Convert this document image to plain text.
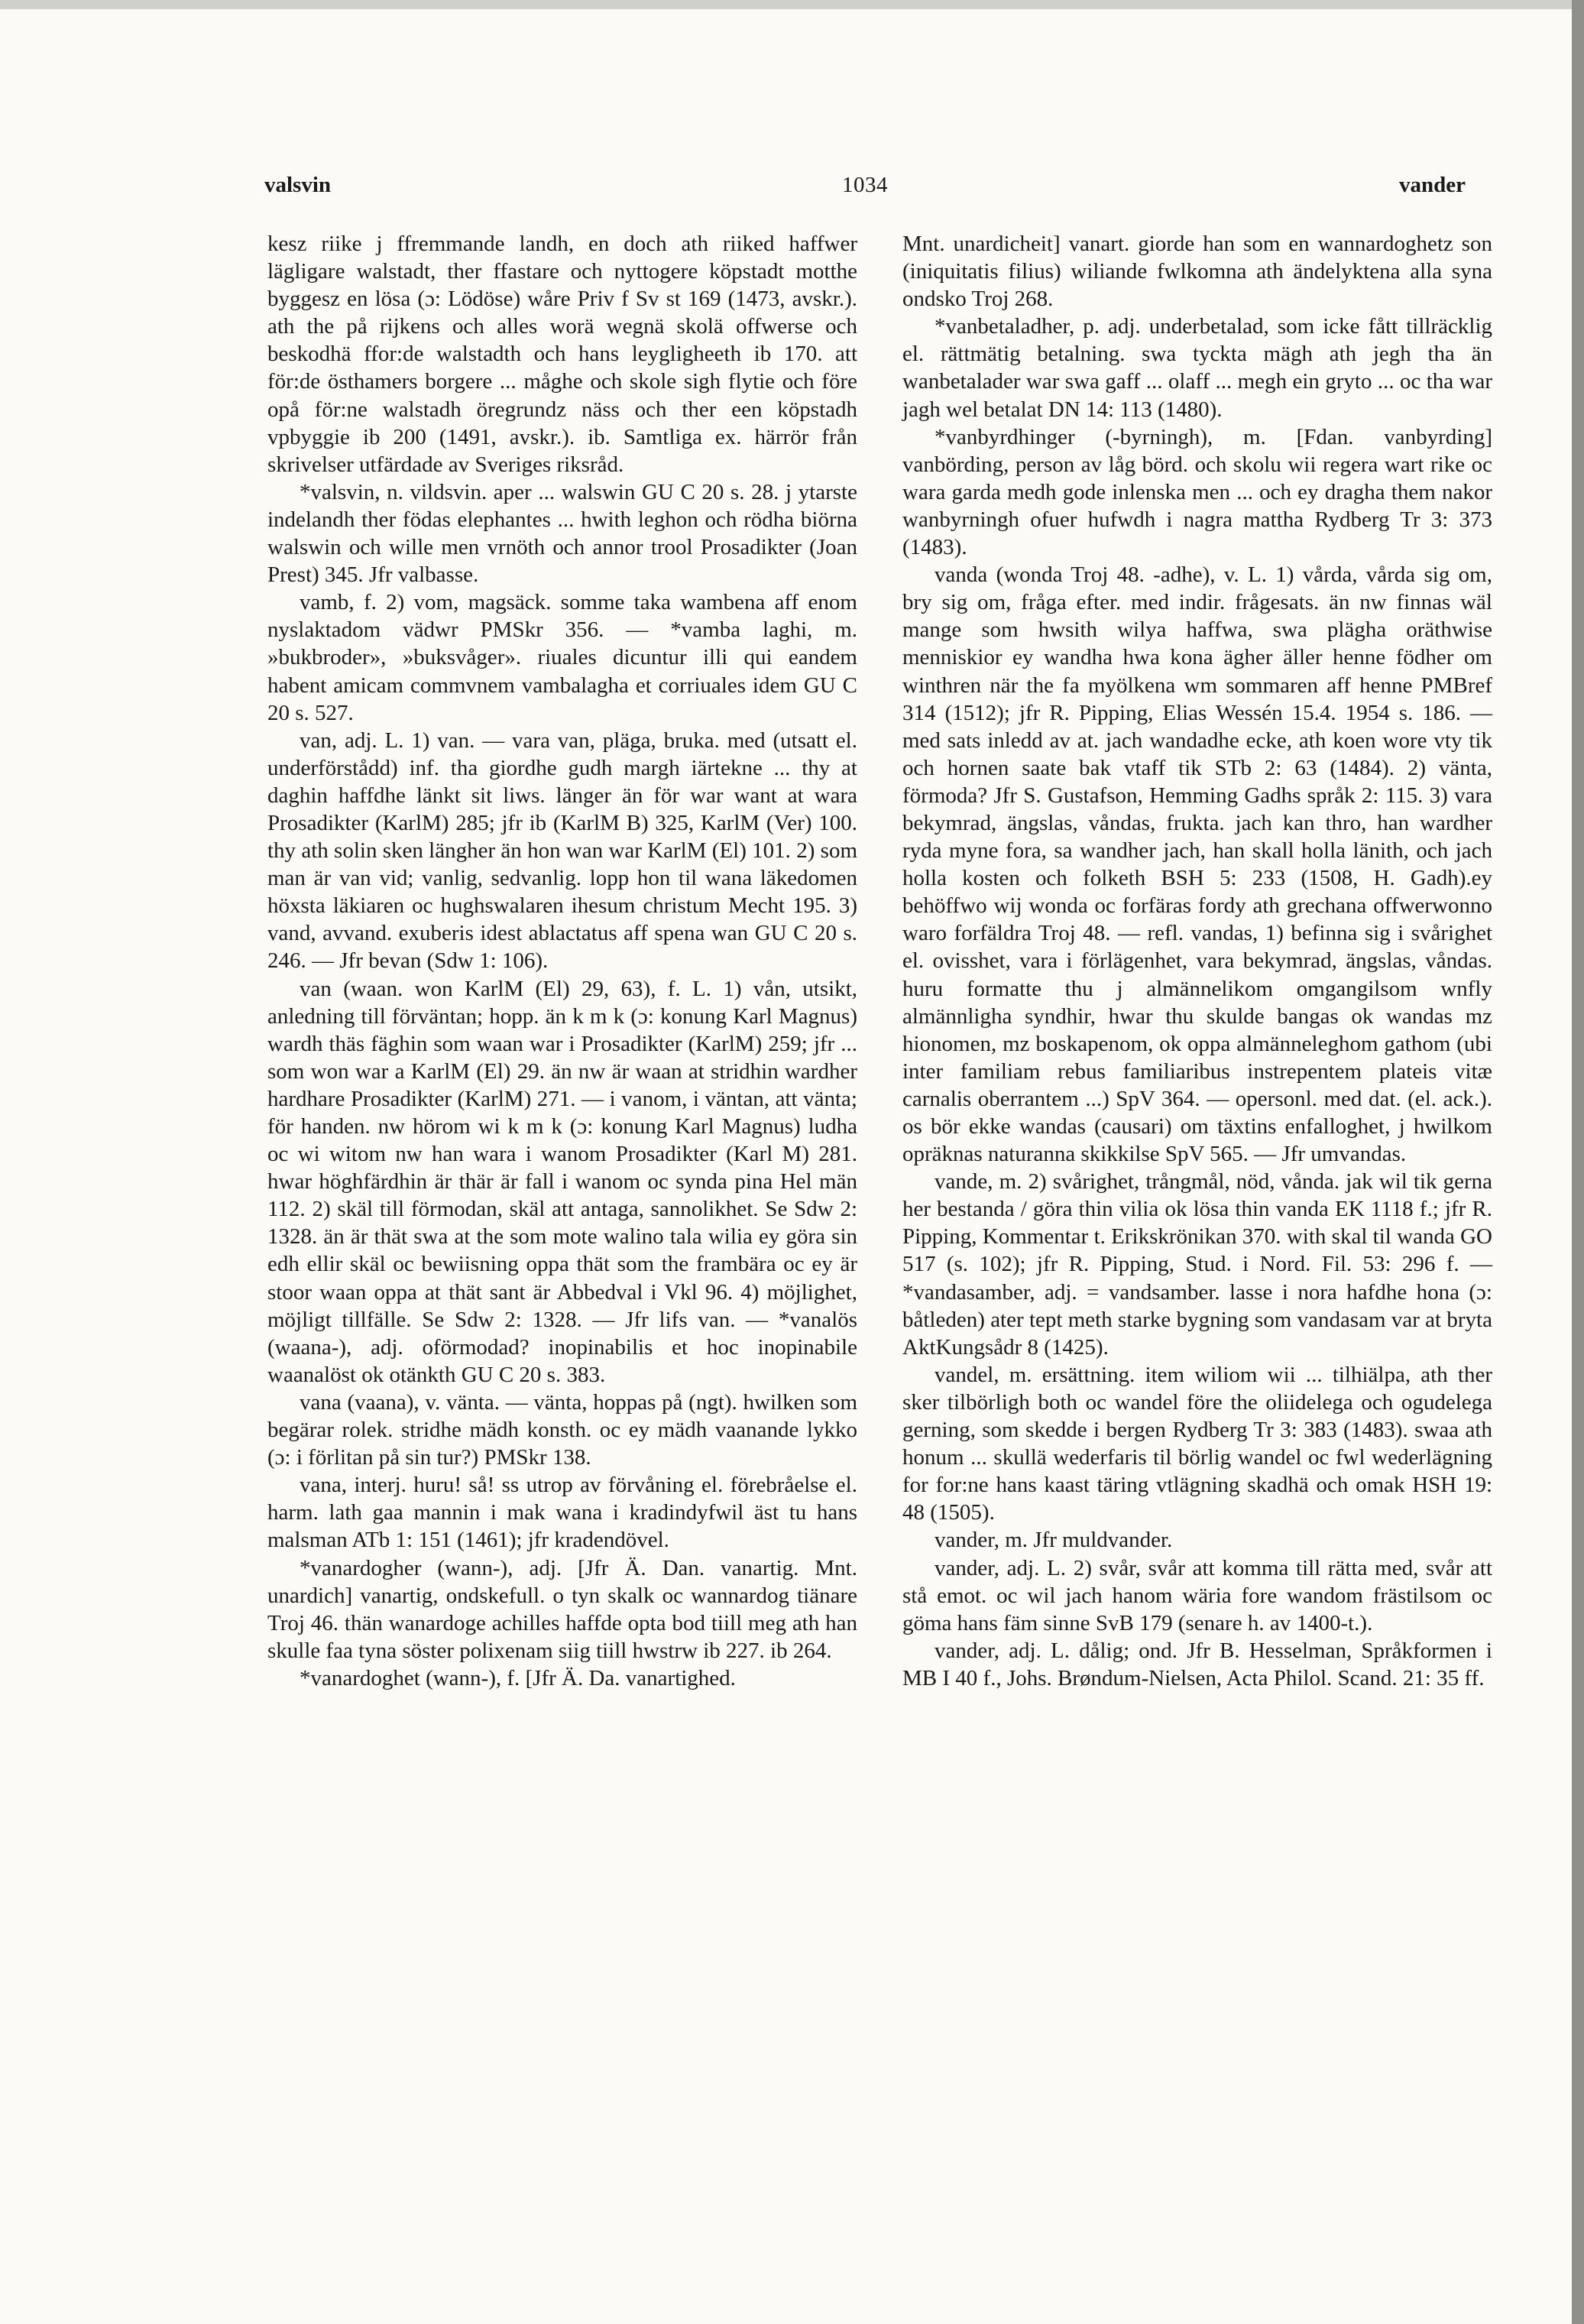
valsvin	1034	vander

kesz riike j ffremmande landh, en doch ath riiked haffwer lägligare walstadt, ther ffastare och nyttogere köpstadt motthe byggesz en lösa (ɔ: Lödöse) wåre Priv f Sv st 169 (1473, avskr.). ath the på rijkens och alles worä wegnä skolä offwerse och beskodhä ffor:de walstadth och hans leygligheeth ib 170. att för:de östhamers borgere ... måghe och skole sigh flytie och före opå för:ne walstadh öregrundz näss och ther een köpstadh vpbyggie ib 200 (1491, avskr.). ib. Samtliga ex. härrör från skrivelser utfärdade av Sveriges riksråd.

*valsvin, n. vildsvin. aper ... walswin GU C 20 s. 28. j ytarste indelandh ther födas elephantes ... hwith leghon och rödha biörna walswin och wille men vrnöth och annor trool Prosadikter (Joan Prest) 345. Jfr valbasse.

vamb, f. 2) vom, magsäck. somme taka wambena aff enom nyslaktadom vädwr PMSkr 356. — *vamba laghi, m. »bukbroder», »buksvåger». riuales dicuntur illi qui eandem habent amicam commvnem vambalagha et corriuales idem GU C 20 s. 527.

van, adj. L. 1) van. — vara van, pläga, bruka. med (utsatt el. underförstådd) inf. tha giordhe gudh margh iärtekne ... thy at daghin haffdhe länkt sit liws. länger än för war want at wara Prosadikter (KarlM) 285; jfr ib (KarlM B) 325, KarlM (Ver) 100. thy ath solin sken längher än hon wan war KarlM (El) 101. 2) som man är van vid; vanlig, sedvanlig. lopp hon til wana läkedomen höxsta läkiaren oc hughswalaren ihesum christum Mecht 195. 3) vand, avvand. exuberis idest ablactatus aff spena wan GU C 20 s. 246. — Jfr bevan (Sdw 1: 106).

van (waan. won KarlM (El) 29, 63), f. L. 1) vån, utsikt, anledning till förväntan; hopp. än k m k (ɔ: konung Karl Magnus) wardh thäs fäghin som waan war i Prosadikter (KarlM) 259; jfr ... som won war a KarlM (El) 29. än nw är waan at stridhin wardher hardhare Prosadikter (KarlM) 271. — i vanom, i väntan, att vänta; för handen. nw hörom wi k m k (ɔ: konung Karl Magnus) ludha oc wi witom nw han wara i wanom Prosadikter (Karl M) 281. hwar höghfärdhin är thär är fall i wanom oc synda pina Hel män 112. 2) skäl till förmodan, skäl att antaga, sannolikhet. Se Sdw 2: 1328. än är thät swa at the som mote walino tala wilia ey göra sin edh ellir skäl oc bewiisning oppa thät som the frambära oc ey är stoor waan oppa at thät sant är Abbedval i Vkl 96. 4) möjlighet, möjligt tillfälle. Se Sdw 2: 1328. — Jfr lifs van. — *vanalös (waana-), adj. oförmodad? inopinabilis et hoc inopinabile waanalöst ok otänkth GU C 20 s. 383.

vana (vaana), v. vänta. — vänta, hoppas på (ngt). hwilken som begärar rolek. stridhe mädh konsth. oc ey mädh vaanande lykko (ɔ: i förlitan på sin tur?) PMSkr 138.

vana, interj. huru! så! ss utrop av förvåning el. förebråelse el. harm. lath gaa mannin i mak wana i kradindyfwil äst tu hans malsman ATb 1: 151 (1461); jfr kradendövel.

*vanardogher (wann-), adj. [Jfr Ä. Dan. vanartig. Mnt. unardich] vanartig, ondskefull. o tyn skalk oc wannardog tiänare Troj 46. thän wanardoge achilles haffde opta bod tiill meg ath han skulle faa tyna söster polixenam siig tiill hwstrw ib 227. ib 264.

*vanardoghet (wann-), f. [Jfr Ä. Da. vanartighed.

Mnt. unardicheit] vanart. giorde han som en wannardoghetz son (iniquitatis filius) wiliande fwlkomna ath ändelyktena alla syna ondsko Troj 268.

*vanbetaladher, p. adj. underbetalad, som icke fått tillräcklig el. rättmätig betalning. swa tyckta mägh ath jegh tha än wanbetalader war swa gaff ... olaff ... megh ein gryto ... oc tha war jagh wel betalat DN 14: 113 (1480).

*vanbyrdhinger (-byrningh), m. [Fdan. vanbyrding] vanbörding, person av låg börd. och skolu wii regera wart rike oc wara garda medh gode inlenska men ... och ey dragha them nakor wanbyrningh ofuer hufwdh i nagra mattha Rydberg Tr 3: 373 (1483).

vanda (wonda Troj 48. -adhe), v. L. 1) vårda, vårda sig om, bry sig om, fråga efter. med indir. frågesats. än nw finnas wäl mange som hwsith wilya haffwa, swa plägha oräthwise menniskior ey wandha hwa kona ägher äller henne födher om winthren när the fa myölkena wm sommaren aff henne PMBref 314 (1512); jfr R. Pipping, Elias Wessén 15.4. 1954 s. 186. — med sats inledd av at. jach wandadhe ecke, ath koen wore vty tik och hornen saate bak vtaff tik STb 2: 63 (1484). 2) vänta, förmoda? Jfr S. Gustafson, Hemming Gadhs språk 2: 115. 3) vara bekymrad, ängslas, våndas, frukta. jach kan thro, han wardher ryda myne fora, sa wandher jach, han skall holla länith, och jach holla kosten och folketh BSH 5: 233 (1508, H. Gadh).ey behöffwo wij wonda oc forfäras fordy ath grechana offwerwonno waro forfäldra Troj 48. — refl. vandas, 1) befinna sig i svårighet el. ovisshet, vara i förlägenhet, vara bekymrad, ängslas, våndas. huru formatte thu j almännelikom omgangilsom wnfly almännligha syndhir, hwar thu skulde bangas ok wandas mz hionomen, mz boskapenom, ok oppa almänneleghom gathom (ubi inter familiam rebus familiaribus instrepentem plateis vitæ carnalis oberrantem ...) SpV 364. — opersonl. med dat. (el. ack.). os bör ekke wandas (causari) om täxtins enfalloghet, j hwilkom opräknas naturanna skikkilse SpV 565. — Jfr umvandas.

vande, m. 2) svårighet, trångmål, nöd, vånda. jak wil tik gerna her bestanda / göra thin vilia ok lösa thin vanda EK 1118 f.; jfr R. Pipping, Kommentar t. Erikskrönikan 370. with skal til wanda GO 517 (s. 102); jfr R. Pipping, Stud. i Nord. Fil. 53: 296 f. — *vandasamber, adj. = vandsamber. lasse i nora hafdhe hona (ɔ: båtleden) ater tept meth starke bygning som vandasam var at bryta AktKungsådr 8 (1425).

vandel, m. ersättning. item wiliom wii ... tilhiälpa, ath ther sker tilbörligh both oc wandel före the oliidelega och ogudelega gerning, som skedde i bergen Rydberg Tr 3: 383 (1483). swaa ath honum ... skullä wederfaris til börlig wandel oc fwl wederlägning for for:ne hans kaast täring vtlägning skadhä och omak HSH 19: 48 (1505).

vander, m. Jfr muldvander.

vander, adj. L. 2) svår, svår att komma till rätta med, svår att stå emot. oc wil jach hanom wäria fore wandom frästilsom oc göma hans fäm sinne SvB 179 (senare h. av 1400-t.).

vander, adj. L. dålig; ond. Jfr B. Hesselman, Språkformen i MB I 40 f., Johs. Brøndum-Nielsen, Acta Philol. Scand. 21: 35 ff.
